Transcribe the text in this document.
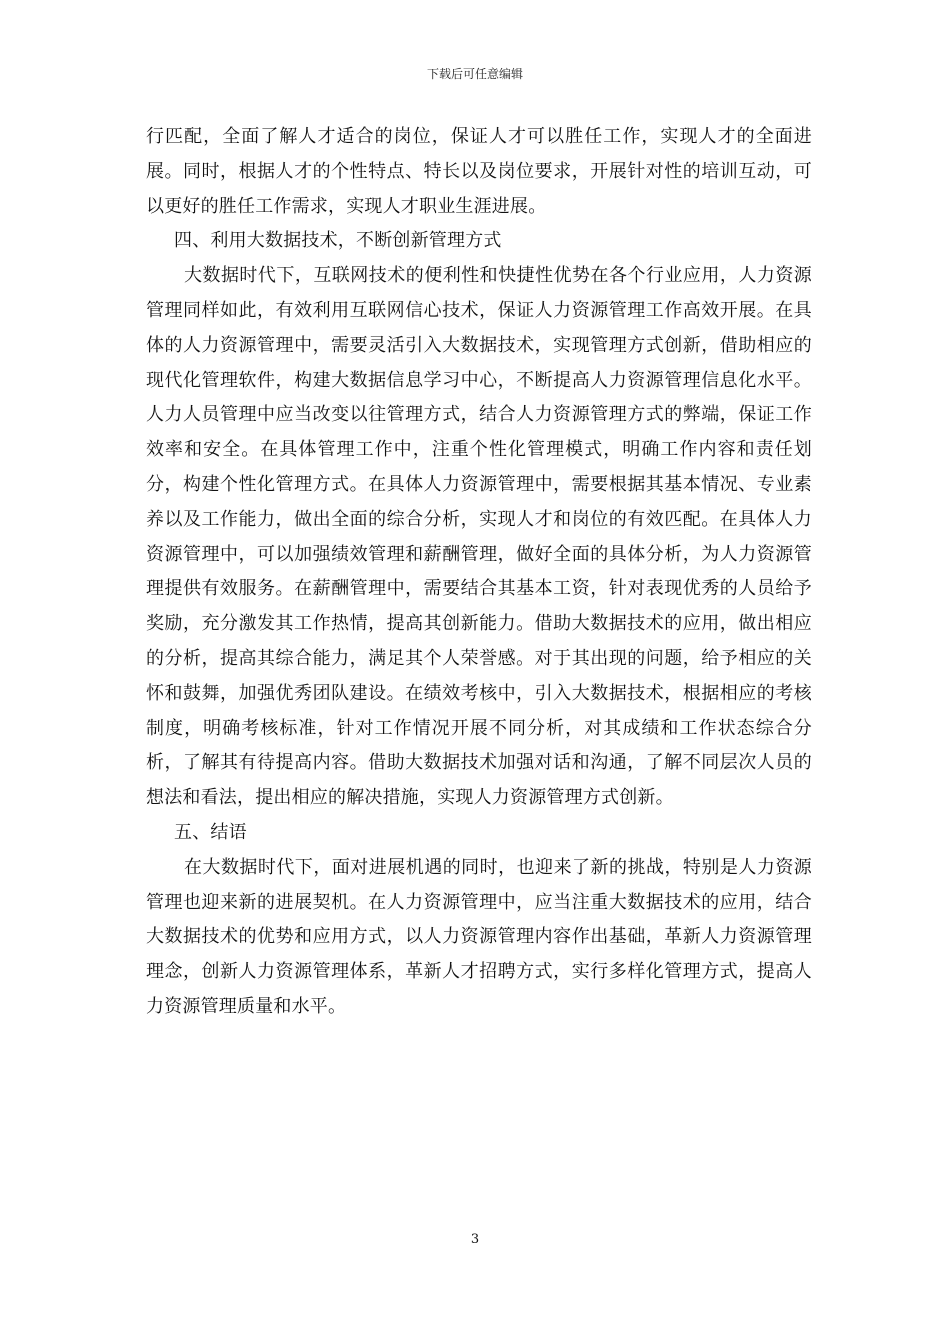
下载后可任意编辑

行匹配，全面了解人才适合的岗位，保证人才可以胜任工作，实现人才的全面进展。同时，根据人才的个性特点、特长以及岗位要求，开展针对性的培训互动，可以更好的胜任工作需求，实现人才职业生涯进展。

四、利用大数据技术，不断创新管理方式

大数据时代下，互联网技术的便利性和快捷性优势在各个行业应用，人力资源管理同样如此，有效利用互联网信心技术，保证人力资源管理工作高效开展。在具体的人力资源管理中，需要灵活引入大数据技术，实现管理方式创新，借助相应的现代化管理软件，构建大数据信息学习中心，不断提高人力资源管理信息化水平。人力人员管理中应当改变以往管理方式，结合人力资源管理方式的弊端，保证工作效率和安全。在具体管理工作中，注重个性化管理模式，明确工作内容和责任划分，构建个性化管理方式。在具体人力资源管理中，需要根据其基本情况、专业素养以及工作能力，做出全面的综合分析，实现人才和岗位的有效匹配。在具体人力资源管理中，可以加强绩效管理和薪酬管理，做好全面的具体分析，为人力资源管理提供有效服务。在薪酬管理中，需要结合其基本工资，针对表现优秀的人员给予奖励，充分激发其工作热情，提高其创新能力。借助大数据技术的应用，做出相应的分析，提高其综合能力，满足其个人荣誉感。对于其出现的问题，给予相应的关怀和鼓舞，加强优秀团队建设。在绩效考核中，引入大数据技术，根据相应的考核制度，明确考核标准，针对工作情况开展不同分析，对其成绩和工作状态综合分析，了解其有待提高内容。借助大数据技术加强对话和沟通，了解不同层次人员的想法和看法，提出相应的解决措施，实现人力资源管理方式创新。

五、结语

在大数据时代下，面对进展机遇的同时，也迎来了新的挑战，特别是人力资源管理也迎来新的进展契机。在人力资源管理中，应当注重大数据技术的应用，结合大数据技术的优势和应用方式，以人力资源管理内容作出基础，革新人力资源管理理念，创新人力资源管理体系，革新人才招聘方式，实行多样化管理方式，提高人力资源管理质量和水平。

3
